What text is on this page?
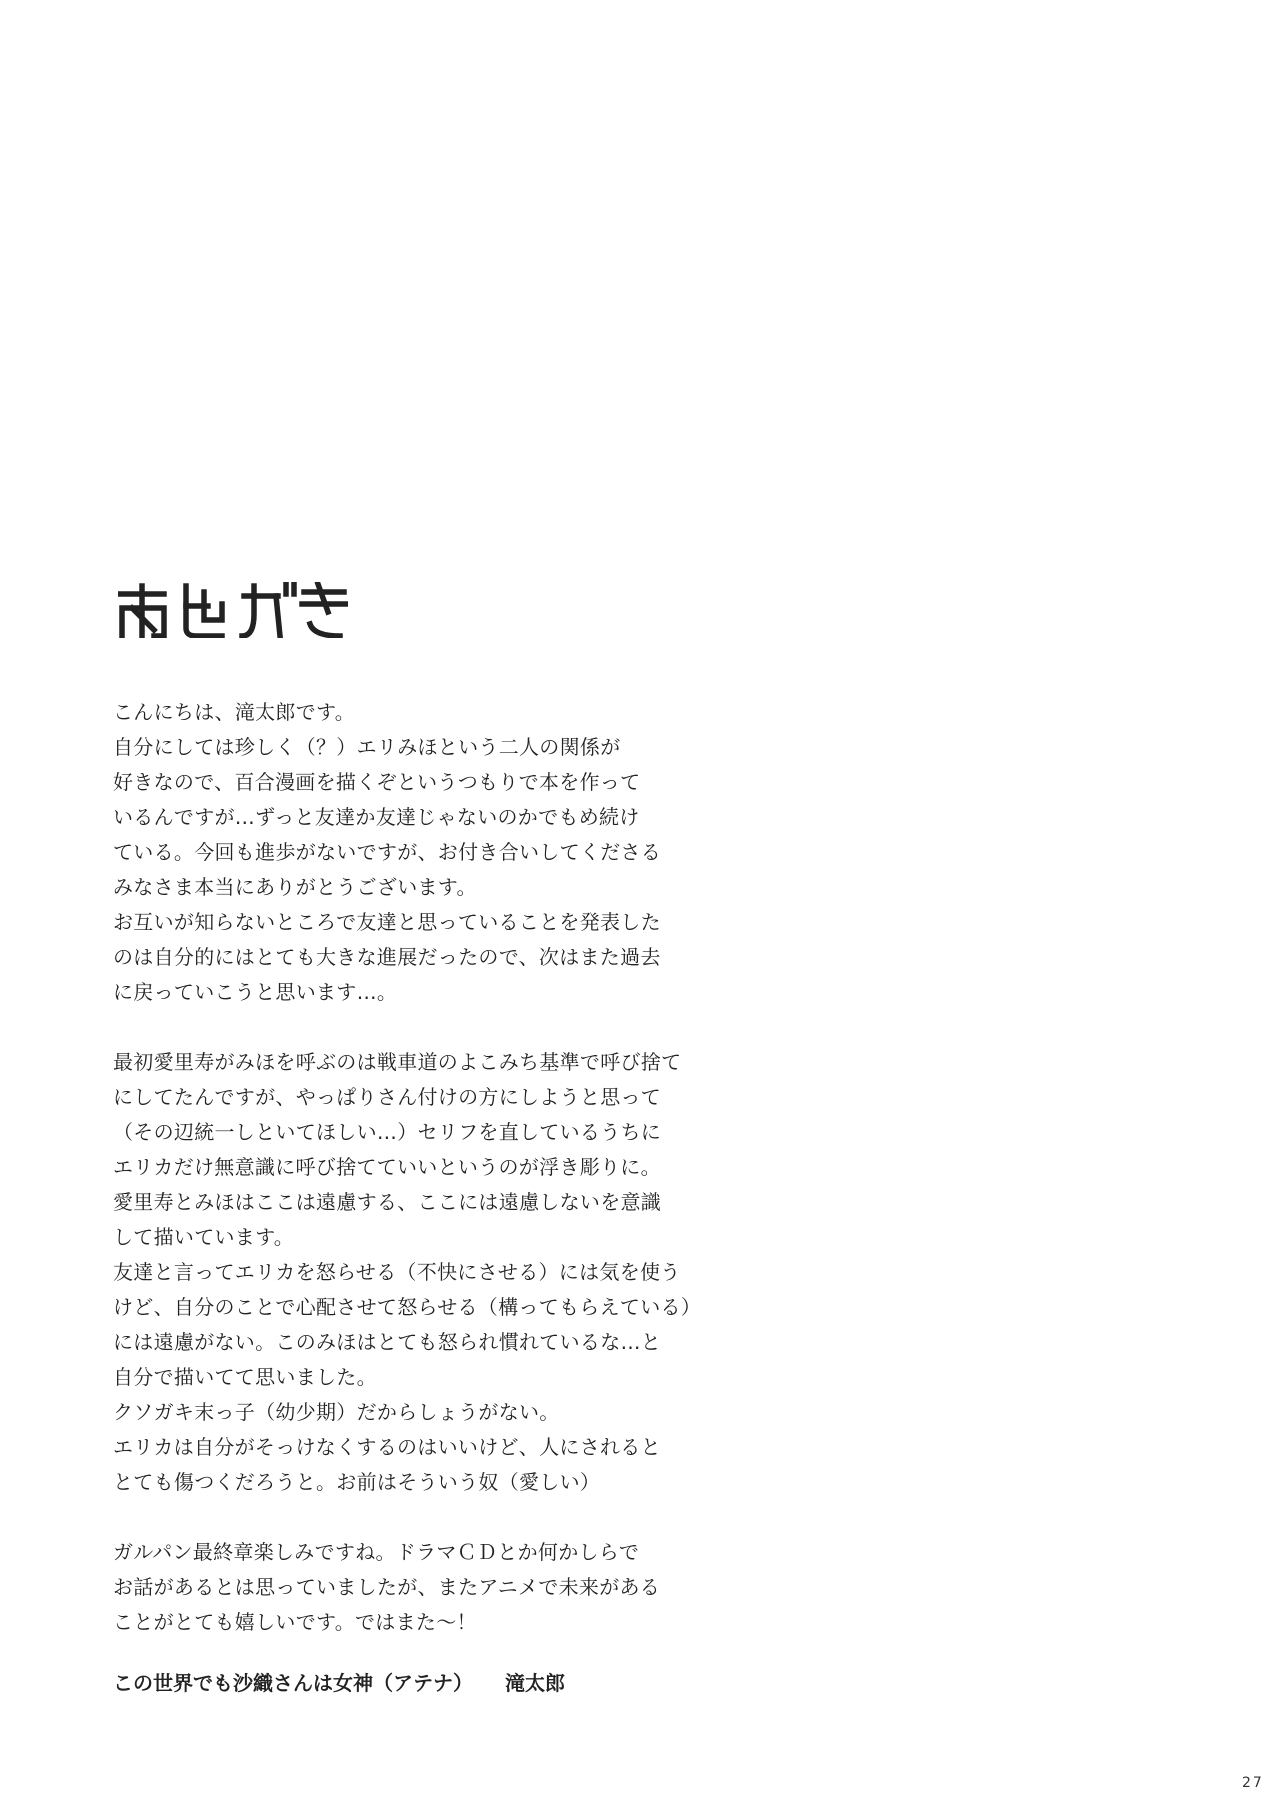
こんにちは、滝太郎です。
自分にしては珍しく（？）エリみほという二人の関係が
好きなので、百合漫画を描くぞというつもりで本を作って
いるんですが…ずっと友達か友達じゃないのかでもめ続け
ている。今回も進歩がないですが、お付き合いしてくださる
みなさま本当にありがとうございます。
お互いが知らないところで友達と思っていることを発表した
のは自分的にはとても大きな進展だったので、次はまた過去
に戻っていこうと思います…。
最初愛里寿がみほを呼ぶのは戦車道のよこみち基準で呼び捨て
にしてたんですが、やっぱりさん付けの方にしようと思って
（その辺統一しといてほしい…）セリフを直しているうちに
エリカだけ無意識に呼び捨てていいというのが浮き彫りに。
愛里寿とみほはここは遠慮する、ここには遠慮しないを意識
して描いています。
友達と言ってエリカを怒らせる（不快にさせる）には気を使う
けど、自分のことで心配させて怒らせる（構ってもらえている）
には遠慮がない。このみほはとても怒られ慣れているな…と
自分で描いてて思いました。
クソガキ末っ子（幼少期）だからしょうがない。
エリカは自分がそっけなくするのはいいけど、人にされると
とても傷つくだろうと。お前はそういう奴（愛しい）
ガルパン最終章楽しみですね。ドラマＣＤとか何かしらで
お話があるとは思っていましたが、またアニメで未来がある
ことがとても嬉しいです。ではまた～！
この世界でも沙織さんは女神（アテナ） 滝太郎
27
